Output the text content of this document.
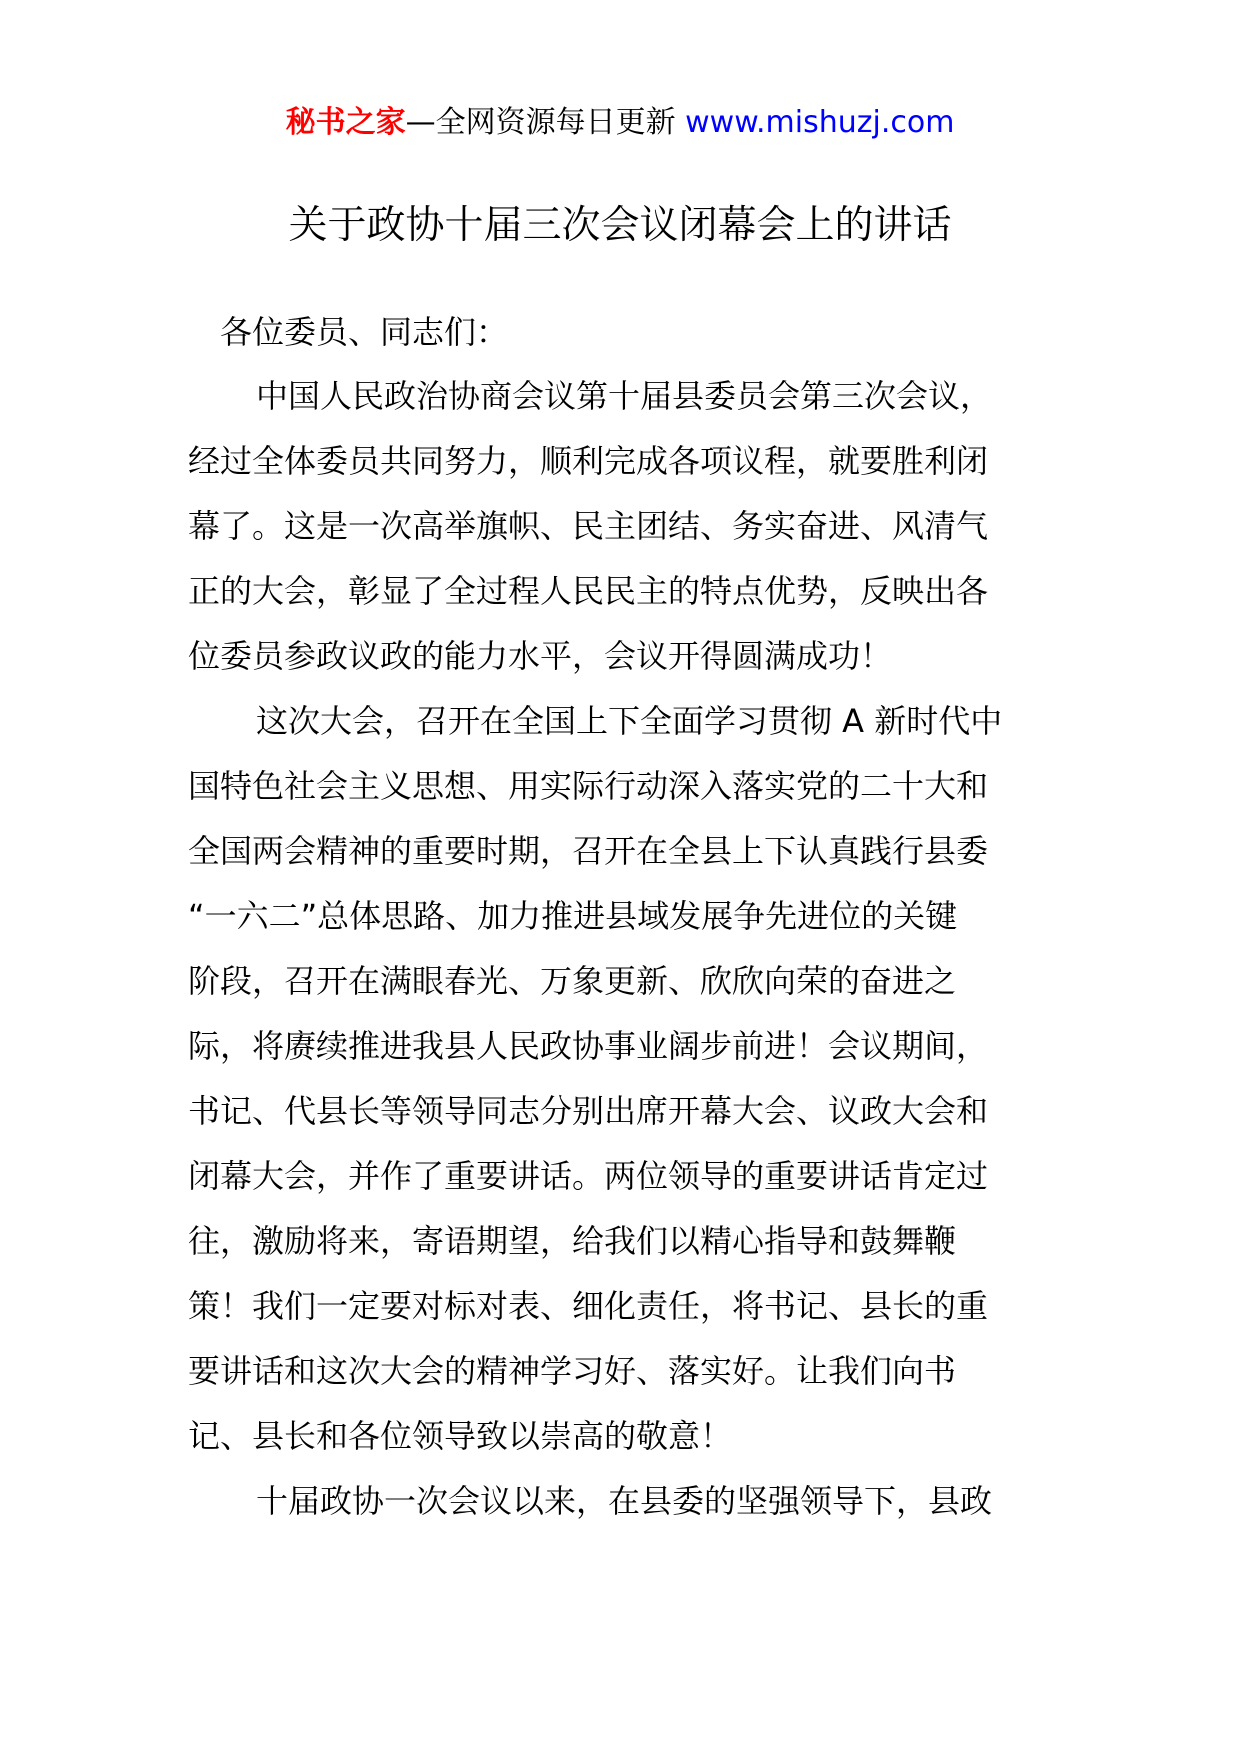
秘书之家—全网资源每日更新 www.mishuzj.com
关于政协十届三次会议闭幕会上的讲话

各位委员、同志们：

中国人民政治协商会议第十届县委员会第三次会议，
经过全体委员共同努力，顺利完成各项议程，就要胜利闭
幕了。这是一次高举旗帜、民主团结、务实奋进、风清气
正的大会，彰显了全过程人民民主的特点优势，反映出各
位委员参政议政的能力水平，会议开得圆满成功！
这次大会，召开在全国上下全面学习贯彻 A 新时代中
国特色社会主义思想、用实际行动深入落实党的二十大和
全国两会精神的重要时期，召开在全县上下认真践行县委
“一六二”总体思路、加力推进县域发展争先进位的关键
阶段，召开在满眼春光、万象更新、欣欣向荣的奋进之
际，将赓续推进我县人民政协事业阔步前进！会议期间，
书记、代县长等领导同志分别出席开幕大会、议政大会和
闭幕大会，并作了重要讲话。两位领导的重要讲话肯定过
往，激励将来，寄语期望，给我们以精心指导和鼓舞鞭
策！我们一定要对标对表、细化责任，将书记、县长的重
要讲话和这次大会的精神学习好、落实好。让我们向书
记、县长和各位领导致以崇高的敬意！
十届政协一次会议以来，在县委的坚强领导下，县政
